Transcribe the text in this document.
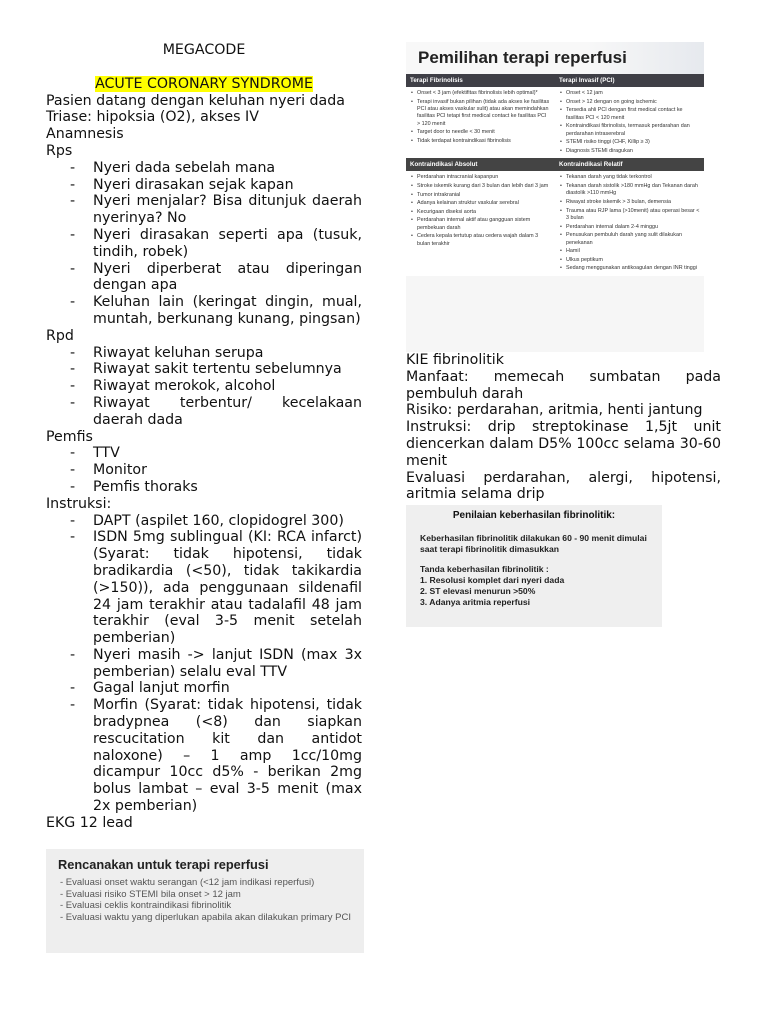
MEGACODE
ACUTE CORONARY SYNDROME
Pasien datang dengan keluhan nyeri dada
Triase: hipoksia (O2), akses IV
Anamnesis
Rps
- Nyeri dada sebelah mana
- Nyeri dirasakan sejak kapan
- Nyeri menjalar? Bisa ditunjuk daerah nyerinya? No
- Nyeri dirasakan seperti apa (tusuk, tindih, robek)
- Nyeri diperberat atau diperingan dengan apa
- Keluhan lain (keringat dingin, mual, muntah, berkunang kunang, pingsan)
Rpd
- Riwayat keluhan serupa
- Riwayat sakit tertentu sebelumnya
- Riwayat merokok, alcohol
- Riwayat terbentur/ kecelakaan daerah dada
Pemfis
- TTV
- Monitor
- Pemfis thoraks
Instruksi:
- DAPT (aspilet 160, clopidogrel 300)
- ISDN 5mg sublingual (KI: RCA infarct) (Syarat: tidak hipotensi, tidak bradikardia (<50), tidak takikardia (>150)), ada penggunaan sildenafil 24 jam terakhir atau tadalafil 48 jam terakhir (eval 3-5 menit setelah pemberian)
- Nyeri masih -> lanjut ISDN (max 3x pemberian) selalu eval TTV
- Gagal lanjut morfin
- Morfin (Syarat: tidak hipotensi, tidak bradypnea (<8) dan siapkan rescucitation kit dan antidot naloxone) – 1 amp 1cc/10mg dicampur 10cc d5% - berikan 2mg bolus lambat – eval 3-5 menit (max 2x pemberian)
EKG 12 lead
Rencanakan untuk terapi reperfusi
- Evaluasi onset waktu serangan (<12 jam indikasi reperfusi)
- Evaluasi risiko STEMI bila onset > 12 jam
- Evaluasi ceklis kontraindikasi fibrinolitik
- Evaluasi waktu yang diperlukan apabila akan dilakukan primary PCI
Pemilihan terapi reperfusi
Terapi Fibrinolisis	Terapi Invasif (PCI)
• Onset < 3 jam (efektifitas fibrinolisis lebih optimal)*
• Terapi invasif bukan pilihan (tidak ada akses ke fasilitas PCI atau akses vaskular sulit) atau akan memindahkan fasilitas PCI tetapi first medical contact ke fasilitas PCI > 120 menit
• Target door to needle < 30 menit
• Tidak terdapat kontraindikasi fibrinolisis
• Onset < 12 jam
• Onset > 12 dengan on going ischemic
• Tersedia ahli PCI dengan first medical contact ke fasilitas PCI < 120 menit
• Kontraindikasi fibrinolisis, termasuk perdarahan dan perdarahan intraserebral
• STEMI risiko tinggi (CHF, Killip ≥ 3)
• Diagnosis STEMI diragukan
Kontraindikasi Absolut	Kontraindikasi Relatif
• Perdarahan intracranial kapanpun
• Stroke iskemik kurang dari 3 bulan dan lebih dari 3 jam
• Tumor intrakranial
• Adanya kelainan struktur vaskular serebral
• Kecurigaan diseksi aorta
• Perdarahan internal aktif atau gangguan sistem pembekuan darah
• Cedera kepala tertutup atau cedera wajah dalam 3 bulan terakhir
• Tekanan darah yang tidak terkontrol
• Tekanan darah sistolik >180 mmHg dan Tekanan darah diastolik >110 mmHg
• Riwayat stroke iskemik > 3 bulan, demensia
• Trauma atau RJP lama (>10menit) atau operasi besar < 3 bulan
• Perdarahan internal dalam 2-4 minggu
• Penusukan pembuluh darah yang sulit dilakukan penekanan
• Hamil
• Ulkus peptikum
• Sedang menggunakan antikoagulan dengan INR tinggi
KIE fibrinolitik
Manfaat: memecah sumbatan pada pembuluh darah
Risiko: perdarahan, aritmia, henti jantung
Instruksi: drip streptokinase 1,5jt unit diencerkan dalam D5% 100cc selama 30-60 menit
Evaluasi perdarahan, alergi, hipotensi, aritmia selama drip
Penilaian keberhasilan fibrinolitik:
Keberhasilan fibrinolitik dilakukan 60 - 90 menit dimulai saat terapi fibrinolitik dimasukkan
Tanda keberhasilan fibrinolitik :
1. Resolusi komplet dari nyeri dada
2. ST elevasi menurun >50%
3. Adanya aritmia reperfusi
